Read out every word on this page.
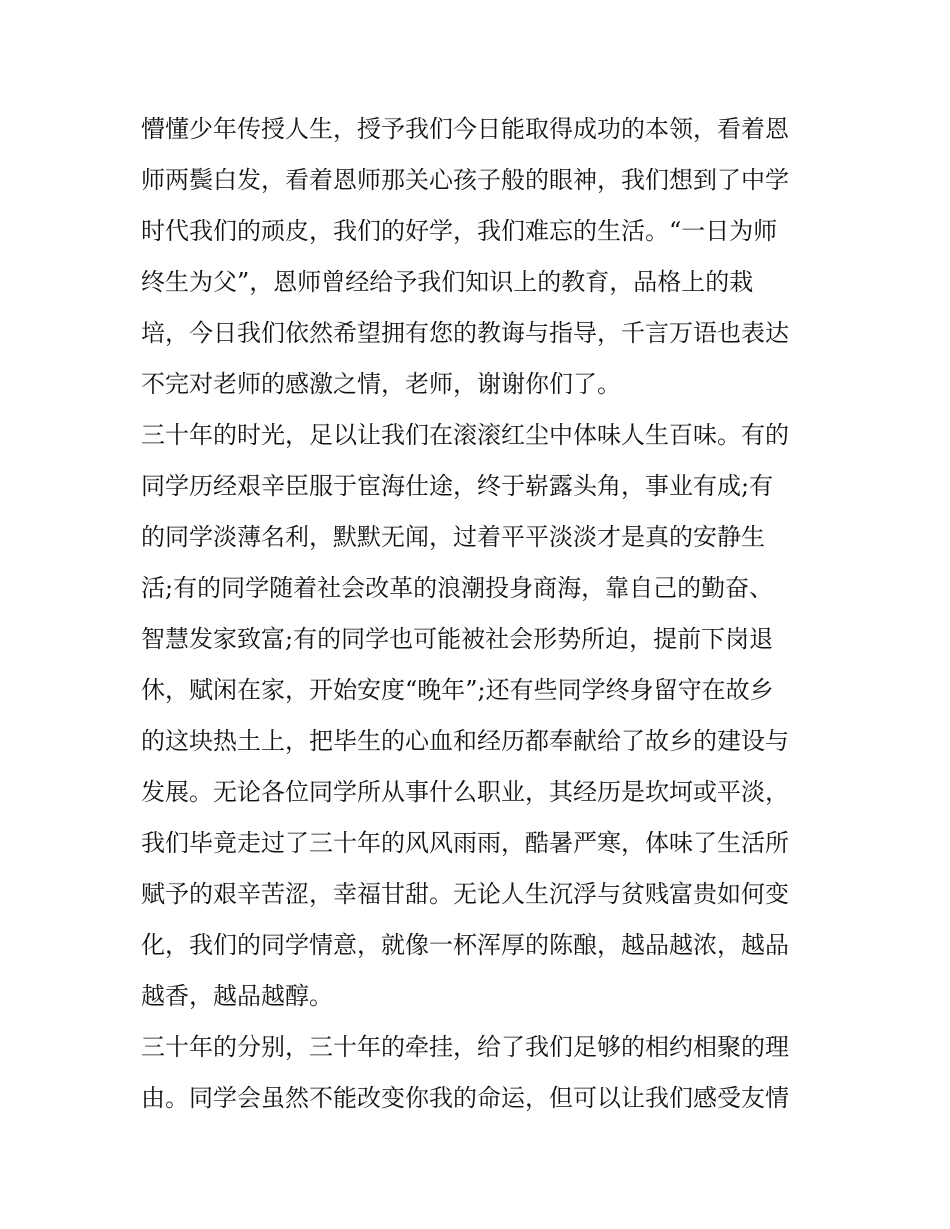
懵懂少年传授人生，授予我们今日能取得成功的本领，看着恩
师两鬓白发，看着恩师那关心孩子般的眼神，我们想到了中学
时代我们的顽皮，我们的好学，我们难忘的生活。“一日为师
终生为父”，恩师曾经给予我们知识上的教育，品格上的栽
培，今日我们依然希望拥有您的教诲与指导，千言万语也表达
不完对老师的感激之情，老师，谢谢你们了。
三十年的时光，足以让我们在滚滚红尘中体味人生百味。有的
同学历经艰辛臣服于宦海仕途，终于崭露头角，事业有成;有
的同学淡薄名利，默默无闻，过着平平淡淡才是真的安静生
活;有的同学随着社会改革的浪潮投身商海，靠自己的勤奋、
智慧发家致富;有的同学也可能被社会形势所迫，提前下岗退
休，赋闲在家，开始安度“晚年”;还有些同学终身留守在故乡
的这块热土上，把毕生的心血和经历都奉献给了故乡的建设与
发展。无论各位同学所从事什么职业，其经历是坎坷或平淡，
我们毕竟走过了三十年的风风雨雨，酷暑严寒，体味了生活所
赋予的艰辛苦涩，幸福甘甜。无论人生沉浮与贫贱富贵如何变
化，我们的同学情意，就像一杯浑厚的陈酿，越品越浓，越品
越香，越品越醇。
三十年的分别，三十年的牵挂，给了我们足够的相约相聚的理
由。同学会虽然不能改变你我的命运，但可以让我们感受友情
